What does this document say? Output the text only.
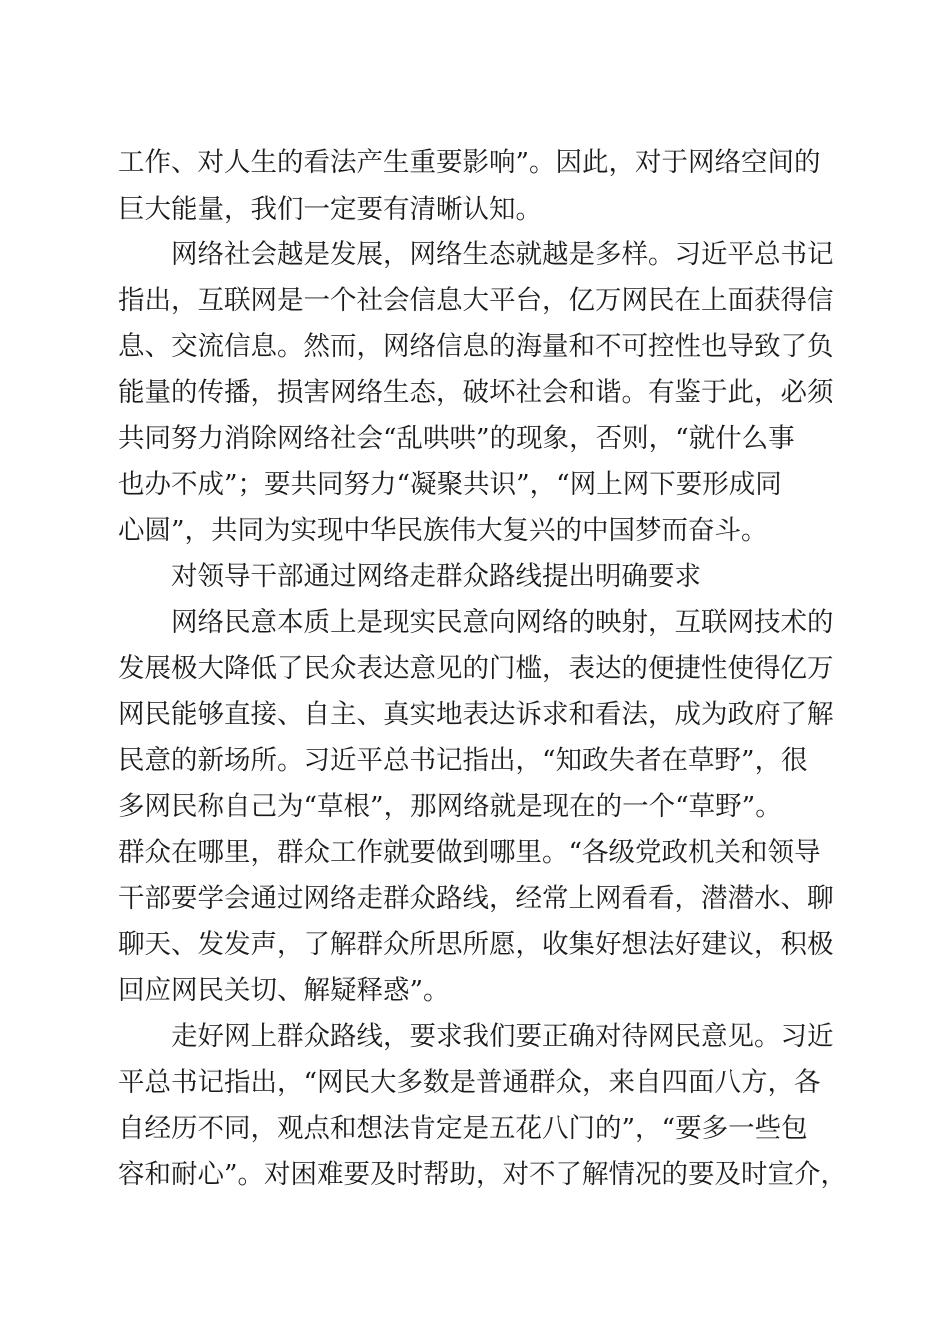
工作、对人生的看法产生重要影响”。因此，对于网络空间的
巨大能量，我们一定要有清晰认知。
网络社会越是发展，网络生态就越是多样。习近平总书记
指出，互联网是一个社会信息大平台，亿万网民在上面获得信
息、交流信息。然而，网络信息的海量和不可控性也导致了负
能量的传播，损害网络生态，破坏社会和谐。有鉴于此，必须
共同努力消除网络社会“乱哄哄”的现象，否则，“就什么事
也办不成”；要共同努力“凝聚共识”，“网上网下要形成同
心圆”，共同为实现中华民族伟大复兴的中国梦而奋斗。
对领导干部通过网络走群众路线提出明确要求
网络民意本质上是现实民意向网络的映射，互联网技术的
发展极大降低了民众表达意见的门槛，表达的便捷性使得亿万
网民能够直接、自主、真实地表达诉求和看法，成为政府了解
民意的新场所。习近平总书记指出，“知政失者在草野”，很
多网民称自己为“草根”，那网络就是现在的一个“草野”。
群众在哪里，群众工作就要做到哪里。“各级党政机关和领导
干部要学会通过网络走群众路线，经常上网看看，潜潜水、聊
聊天、发发声，了解群众所思所愿，收集好想法好建议，积极
回应网民关切、解疑释惑”。
走好网上群众路线，要求我们要正确对待网民意见。习近
平总书记指出，“网民大多数是普通群众，来自四面八方，各
自经历不同，观点和想法肯定是五花八门的”，“要多一些包
容和耐心”。对困难要及时帮助，对不了解情况的要及时宣介，
